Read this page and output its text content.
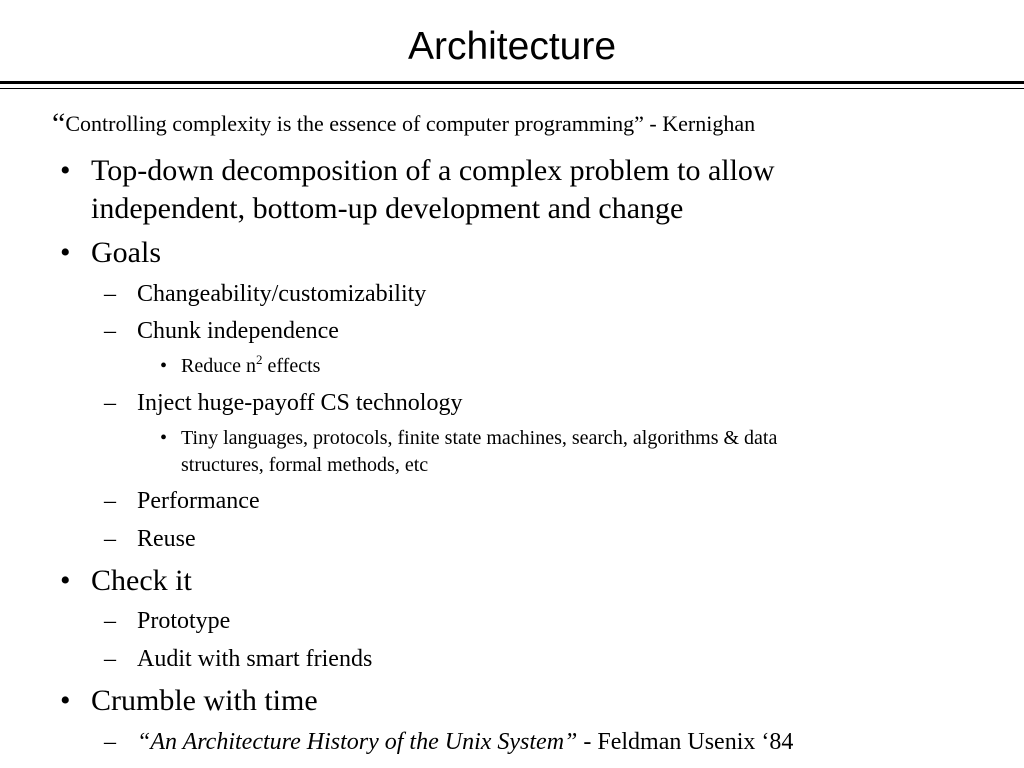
Architecture
“Controlling complexity is the essence of computer programming” - Kernighan
• Top-down decomposition of a complex problem to allow
independent, bottom-up development and change
• Goals
– Changeability/customizability
– Chunk independence
• Reduce $n^2$ effects
– Inject huge-payoff CS technology
• Tiny languages, protocols, finite state machines, search, algorithms & data
structures, formal methods, etc
– Performance
– Reuse
• Check it
– Prototype
– Audit with smart friends
• Crumble with time
– “An Architecture History of the Unix System” - Feldman Usenix ‘84
